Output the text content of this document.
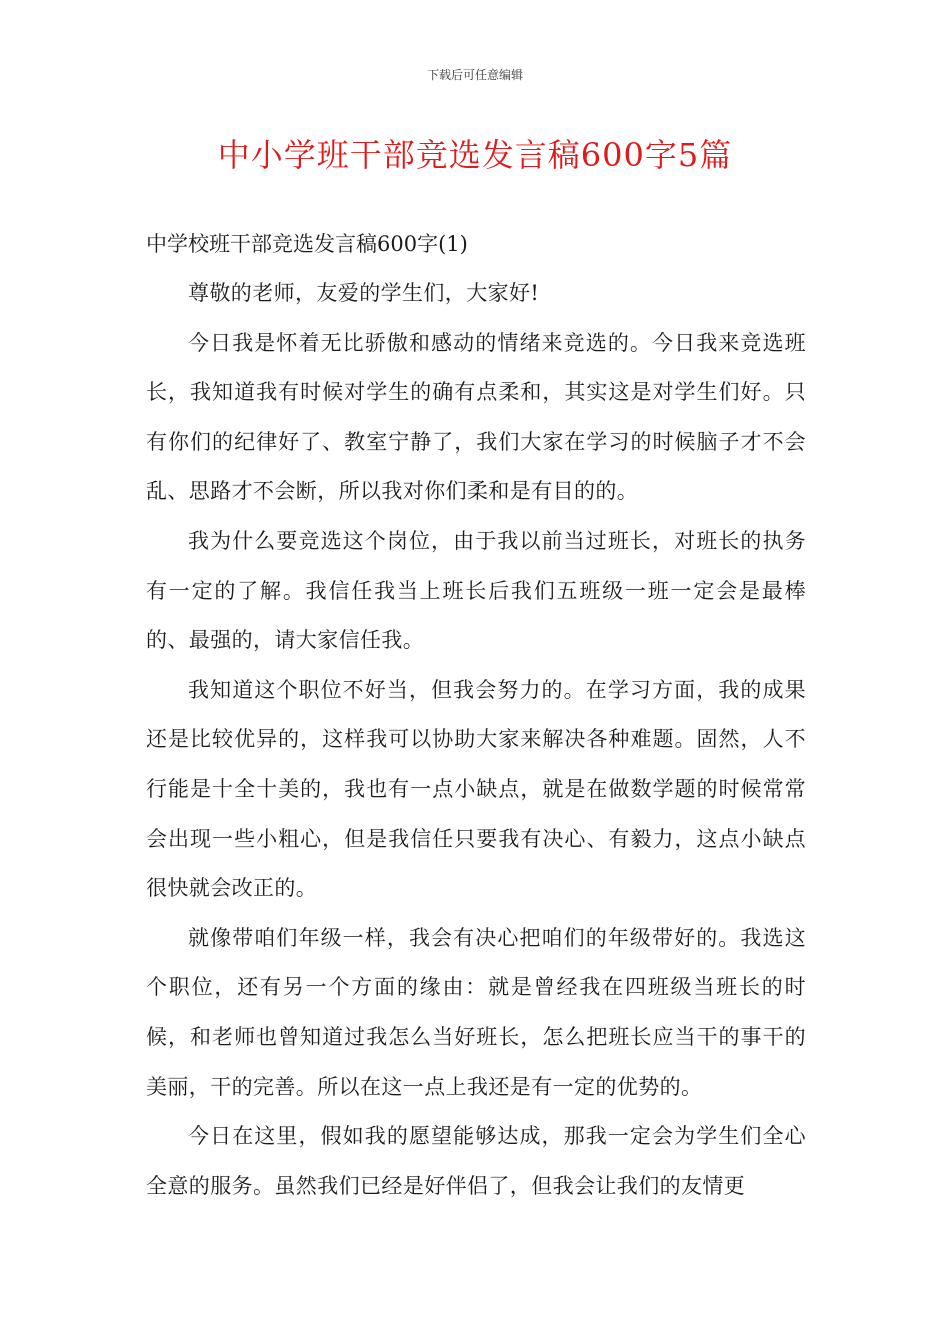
下载后可任意编辑
中小学班干部竞选发言稿600字5篇

中学校班干部竞选发言稿600字(1)

尊敬的老师，友爱的学生们，大家好!

今日我是怀着无比骄傲和感动的情绪来竞选的。今日我来竞选班长，我知道我有时候对学生的确有点柔和，其实这是对学生们好。只有你们的纪律好了、教室宁静了，我们大家在学习的时候脑子才不会乱、思路才不会断，所以我对你们柔和是有目的的。

我为什么要竞选这个岗位，由于我以前当过班长，对班长的执务有一定的了解。我信任我当上班长后我们五班级一班一定会是最棒的、最强的，请大家信任我。

我知道这个职位不好当，但我会努力的。在学习方面，我的成果还是比较优异的，这样我可以协助大家来解决各种难题。固然，人不行能是十全十美的，我也有一点小缺点，就是在做数学题的时候常常会出现一些小粗心，但是我信任只要我有决心、有毅力，这点小缺点很快就会改正的。

就像带咱们年级一样，我会有决心把咱们的年级带好的。我选这个职位，还有另一个方面的缘由：就是曾经我在四班级当班长的时候，和老师也曾知道过我怎么当好班长，怎么把班长应当干的事干的美丽，干的完善。所以在这一点上我还是有一定的优势的。

今日在这里，假如我的愿望能够达成，那我一定会为学生们全心全意的服务。虽然我们已经是好伴侣了，但我会让我们的友情更
